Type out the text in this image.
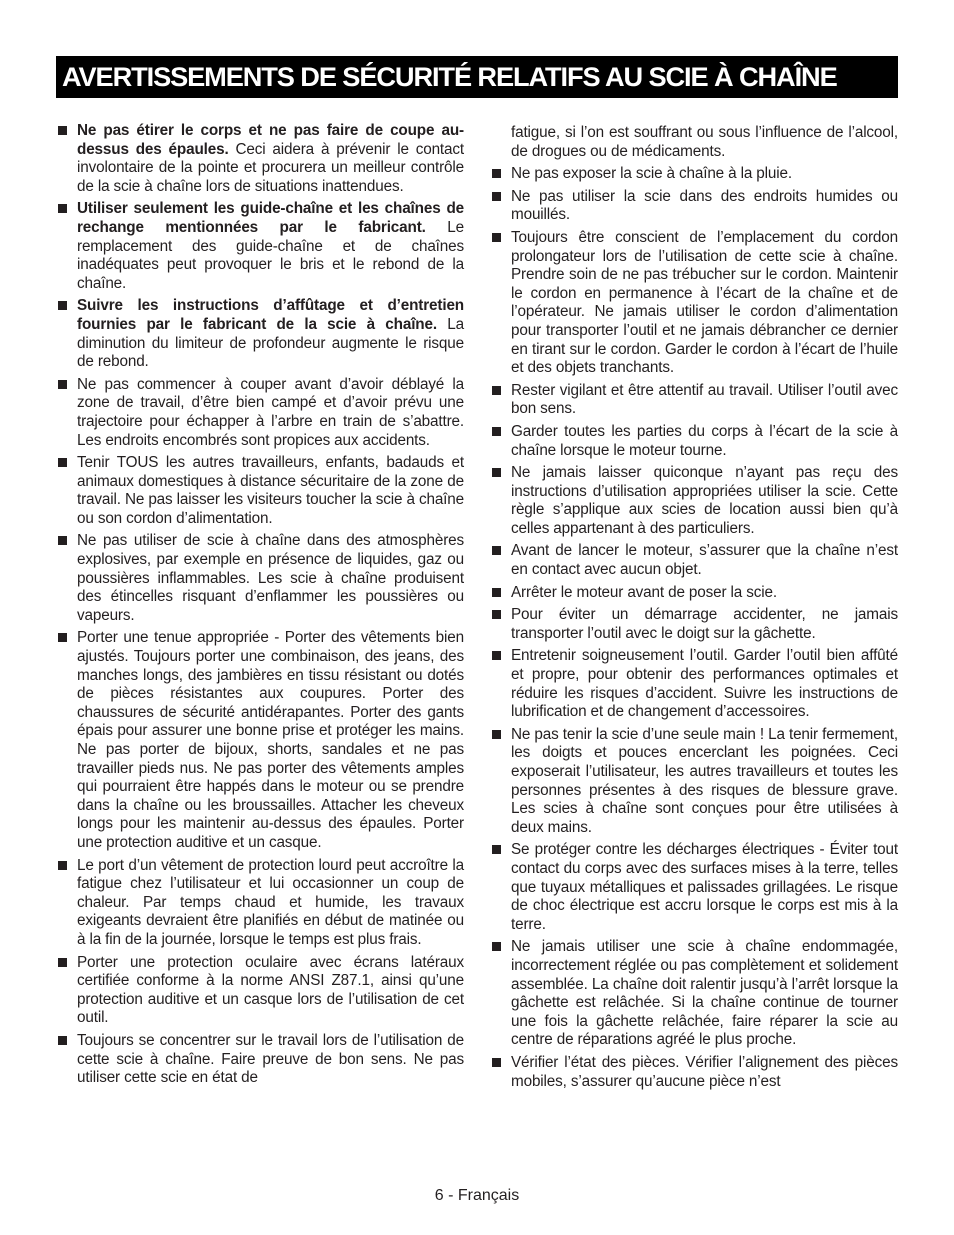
AVERTISSEMENTS DE SÉCURITÉ RELATIFS AU SCIE À CHAÎNE
Ne pas étirer le corps et ne pas faire de coupe au-dessus des épaules. Ceci aidera à prévenir le contact involontaire de la pointe et procurera un meilleur contrôle de la scie à chaîne lors de situations inattendues.
Utiliser seulement les guide-chaîne et les chaînes de rechange mentionnées par le fabricant. Le remplacement des guide-chaîne et de chaînes inadéquates peut provoquer le bris et le rebond de la chaîne.
Suivre les instructions d’affûtage et d’entretien fournies par le fabricant de la scie à chaîne. La diminution du limiteur de profondeur augmente le risque de rebond.
Ne pas commencer à couper avant d’avoir déblayé la zone de travail, d’être bien campé et d’avoir prévu une trajectoire pour échapper à l’arbre en train de s’abattre. Les endroits encombrés sont propices aux accidents.
Tenir TOUS les autres travailleurs, enfants, badauds et animaux domestiques à distance sécuritaire de la zone de travail. Ne pas laisser les visiteurs toucher la scie à chaîne ou son cordon d’alimentation.
Ne pas utiliser de scie à chaîne dans des atmosphères explosives, par exemple en présence de liquides, gaz ou poussières inflammables. Les scie à chaîne produisent des étincelles risquant d’enflammer les poussières ou vapeurs.
Porter une tenue appropriée - Porter des vêtements bien ajustés. Toujours porter une combinaison, des jeans, des manches longs, des jambières en tissu résistant ou dotés de pièces résistantes aux coupures. Porter des chaussures de sécurité antidérapantes. Porter des gants épais pour assurer une bonne prise et protéger les mains. Ne pas porter de bijoux, shorts, sandales et ne pas travailler pieds nus. Ne pas porter des vêtements amples qui pourraient être happés dans le moteur ou se prendre dans la chaîne ou les broussailles. Attacher les cheveux longs pour les maintenir au-dessus des épaules. Porter une protection auditive et un casque.
Le port d’un vêtement de protection lourd peut accroître la fatigue chez l’utilisateur et lui occasionner un coup de chaleur. Par temps chaud et humide, les travaux exigeants devraient être planifiés en début de matinée ou à la fin de la journée, lorsque le temps est plus frais.
Porter une protection oculaire avec écrans latéraux certifiée conforme à la norme ANSI Z87.1, ainsi qu’une protection auditive et un casque lors de l’utilisation de cet outil.
Toujours se concentrer sur le travail lors de l’utilisation de cette scie à chaîne. Faire preuve de bon sens. Ne pas utiliser cette scie en état de
fatigue, si l’on est souffrant ou sous l’influence de l’alcool, de drogues ou de médicaments.
Ne pas exposer la scie à chaîne à la pluie.
Ne pas utiliser la scie dans des endroits humides ou mouillés.
Toujours être conscient de l’emplacement du cordon prolongateur lors de l’utilisation de cette scie à chaîne. Prendre soin de ne pas trébucher sur le cordon. Maintenir le cordon en permanence à l’écart de la chaîne et de l’opérateur. Ne jamais utiliser le cordon d’alimentation pour transporter l’outil et ne jamais débrancher ce dernier en tirant sur le cordon. Garder le cordon à l’écart de l’huile et des objets tranchants.
Rester vigilant et être attentif au travail. Utiliser l’outil avec bon sens.
Garder toutes les parties du corps à l’écart de la scie à chaîne lorsque le moteur tourne.
Ne jamais laisser quiconque n’ayant pas reçu des instructions d’utilisation appropriées utiliser la scie. Cette règle s’applique aux scies de location aussi bien qu’à celles appartenant à des particuliers.
Avant de lancer le moteur, s’assurer que la chaîne n’est en contact avec aucun objet.
Arrêter le moteur avant de poser la scie.
Pour éviter un démarrage accidenter, ne jamais transporter l’outil avec le doigt sur la gâchette.
Entretenir soigneusement l’outil. Garder l’outil bien affûté et propre, pour obtenir des performances optimales et réduire les risques d’accident. Suivre les instructions de lubrification et de changement d’accessoires.
Ne pas tenir la scie d’une seule main ! La tenir fermement, les doigts et pouces encerclant les poignées. Ceci exposerait l’utilisateur, les autres travailleurs et toutes les personnes présentes à des risques de blessure grave. Les scies à chaîne sont conçues pour être utilisées à deux mains.
Se protéger contre les décharges électriques - Éviter tout contact du corps avec des surfaces mises à la terre, telles que tuyaux métalliques et palissades grillagées. Le risque de choc électrique est accru lorsque le corps est mis à la terre.
Ne jamais utiliser une scie à chaîne endommagée, incorrectement réglée ou pas complètement et solidement assemblée. La chaîne doit ralentir jusqu’à l’arrêt lorsque la gâchette est relâchée. Si la chaîne continue de tourner une fois la gâchette relâchée, faire réparer la scie au centre de réparations agréé le plus proche.
Vérifier l’état des pièces. Vérifier l’alignement des pièces mobiles, s’assurer qu’aucune pièce n’est
6 - Français
